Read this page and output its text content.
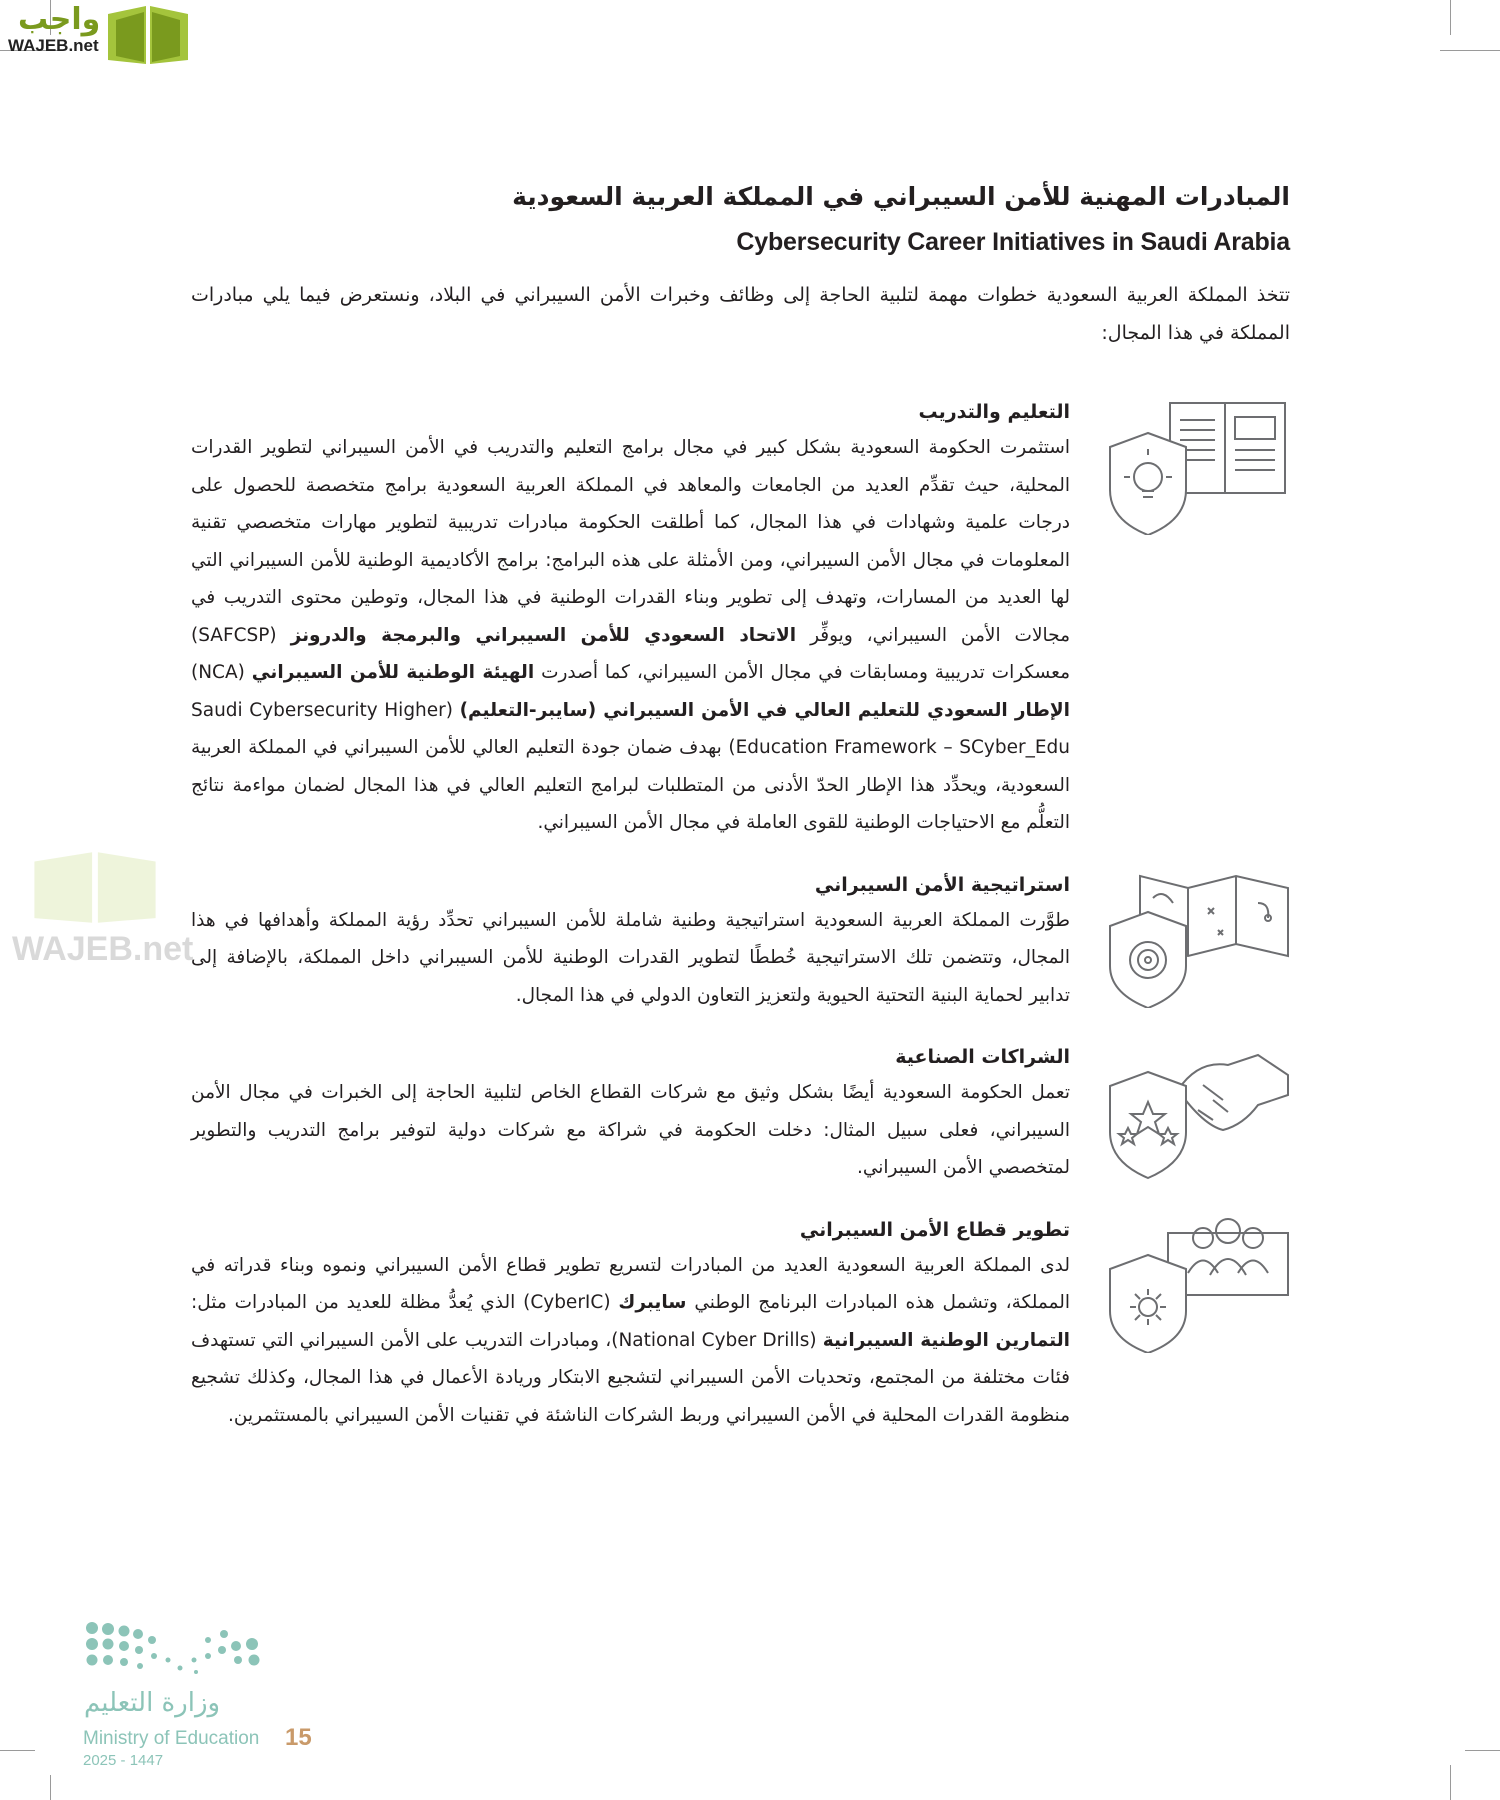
واجب
WAJEB.net
المبادرات المهنية للأمن السيبراني في المملكة العربية السعودية
Cybersecurity Career Initiatives in Saudi Arabia
تتخذ المملكة العربية السعودية خطوات مهمة لتلبية الحاجة إلى وظائف وخبرات الأمن السيبراني في البلاد، ونستعرض فيما يلي مبادرات المملكة في هذا المجال:
WAJEB.net
التعليم والتدريب
استثمرت الحكومة السعودية بشكل كبير في مجال برامج التعليم والتدريب في الأمن السيبراني لتطوير القدرات المحلية، حيث تقدِّم العديد من الجامعات والمعاهد في المملكة العربية السعودية برامج متخصصة للحصول على درجات علمية وشهادات في هذا المجال، كما أطلقت الحكومة مبادرات تدريبية لتطوير مهارات متخصصي تقنية المعلومات في مجال الأمن السيبراني، ومن الأمثلة على هذه البرامج: برامج الأكاديمية الوطنية للأمن السيبراني التي لها العديد من المسارات، وتهدف إلى تطوير وبناء القدرات الوطنية في هذا المجال، وتوطين محتوى التدريب في مجالات الأمن السيبراني، ويوفِّر الاتحاد السعودي للأمن السيبراني والبرمجة والدرونز (SAFCSP) معسكرات تدريبية ومسابقات في مجال الأمن السيبراني، كما أصدرت الهيئة الوطنية للأمن السيبراني (NCA) الإطار السعودي للتعليم العالي في الأمن السيبراني (سايبر-التعليم) (Saudi Cybersecurity Higher Education Framework – SCyber_Edu) بهدف ضمان جودة التعليم العالي للأمن السيبراني في المملكة العربية السعودية، ويحدِّد هذا الإطار الحدّ الأدنى من المتطلبات لبرامج التعليم العالي في هذا المجال لضمان مواءمة نتائج التعلُّم مع الاحتياجات الوطنية للقوى العاملة في مجال الأمن السيبراني.
استراتيجية الأمن السيبراني
طوَّرت المملكة العربية السعودية استراتيجية وطنية شاملة للأمن السيبراني تحدِّد رؤية المملكة وأهدافها في هذا المجال، وتتضمن تلك الاستراتيجية خُططًا لتطوير القدرات الوطنية للأمن السيبراني داخل المملكة، بالإضافة إلى تدابير لحماية البنية التحتية الحيوية ولتعزيز التعاون الدولي في هذا المجال.
الشراكات الصناعية
تعمل الحكومة السعودية أيضًا بشكل وثيق مع شركات القطاع الخاص لتلبية الحاجة إلى الخبرات في مجال الأمن السيبراني، فعلى سبيل المثال: دخلت الحكومة في شراكة مع شركات دولية لتوفير برامج التدريب والتطوير لمتخصصي الأمن السيبراني.
تطوير قطاع الأمن السيبراني
لدى المملكة العربية السعودية العديد من المبادرات لتسريع تطوير قطاع الأمن السيبراني ونموه وبناء قدراته في المملكة، وتشمل هذه المبادرات البرنامج الوطني سايبرك (CyberIC) الذي يُعدُّ مظلة للعديد من المبادرات مثل: التمارين الوطنية السيبرانية (National Cyber Drills)، ومبادرات التدريب على الأمن السيبراني التي تستهدف فئات مختلفة من المجتمع، وتحديات الأمن السيبراني لتشجيع الابتكار وريادة الأعمال في هذا المجال، وكذلك تشجيع منظومة القدرات المحلية في الأمن السيبراني وربط الشركات الناشئة في تقنيات الأمن السيبراني بالمستثمرين.
وزارة التعليم
Ministry of Education
2025 - 1447
15
